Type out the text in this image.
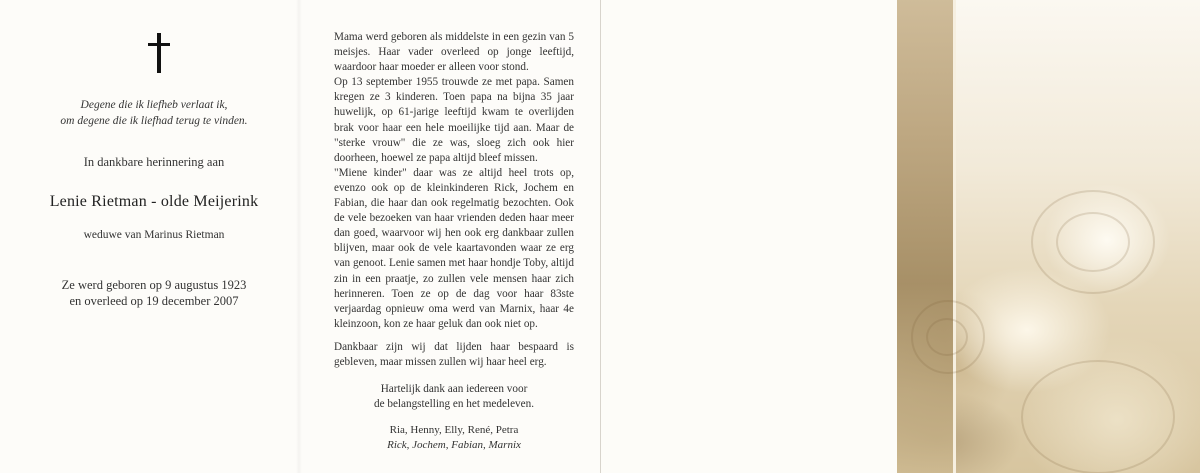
Degene die ik liefheb verlaat ik,
om degene die ik liefhad terug te vinden.
In dankbare herinnering aan
Lenie Rietman - olde Meijerink
weduwe van Marinus Rietman
Ze werd geboren op 9 augustus 1923
en overleed op 19 december 2007

Mama werd geboren als middelste in een gezin van 5 meisjes. Haar vader overleed op jonge leeftijd, waardoor haar moeder er alleen voor stond.

Op 13 september 1955 trouwde ze met papa. Samen kregen ze 3 kinderen. Toen papa na bijna 35 jaar huwelijk, op 61-jarige leeftijd kwam te overlijden brak voor haar een hele moeilijke tijd aan. Maar de "sterke vrouw" die ze was, sloeg zich ook hier doorheen, hoewel ze papa altijd bleef missen.

"Miene kinder" daar was ze altijd heel trots op, evenzo ook op de kleinkinderen Rick, Jochem en Fabian, die haar dan ook regelmatig bezochten. Ook de vele bezoeken van haar vrienden deden haar meer dan goed, waarvoor wij hen ook erg dankbaar zullen blijven, maar ook de vele kaartavonden waar ze erg van genoot. Lenie samen met haar hondje Toby, altijd zin in een praatje, zo zullen vele mensen haar zich herinneren. Toen ze op de dag voor haar 83ste verjaardag opnieuw oma werd van Marnix, haar 4e kleinzoon, kon ze haar geluk dan ook niet op.

Dankbaar zijn wij dat lijden haar bespaard is gebleven, maar missen zullen wij haar heel erg.

Hartelijk dank aan iedereen voor
de belangstelling en het medeleven.
Ria, Henny, Elly, René, Petra
Rick, Jochem, Fabian, Marnix
